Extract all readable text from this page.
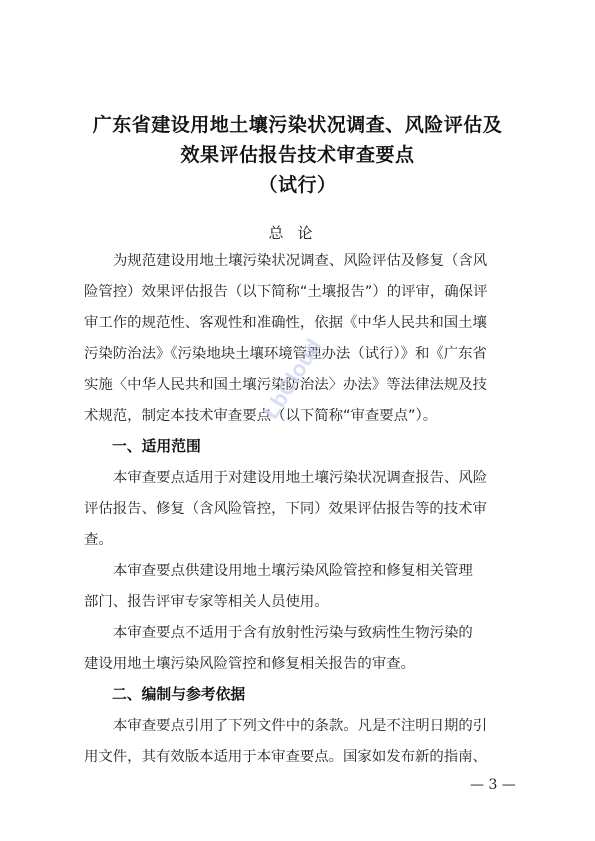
广东省建设用地土壤污染状况调查、风险评估及
效果评估报告技术审查要点
（试行）
总论
为规范建设用地土壤污染状况调查、风险评估及修复（含风
险管控）效果评估报告（以下简称“土壤报告”）的评审，确保评
审工作的规范性、客观性和准确性，依据《中华人民共和国土壤
污染防治法》《污染地块土壤环境管理办法（试行）》和《广东省
实施〈中华人民共和国土壤污染防治法〉办法》等法律法规及技
术规范，制定本技术审查要点（以下简称“审查要点”）。
一、适用范围
本审查要点适用于对建设用地土壤污染状况调查报告、风险
评估报告、修复（含风险管控，下同）效果评估报告等的技术审
查。
本审查要点供建设用地土壤污染风险管控和修复相关管理
部门、报告评审专家等相关人员使用。
本审查要点不适用于含有放射性污染与致病性生物污染的
建设用地土壤污染风险管控和修复相关报告的审查。
二、编制与参考依据
本审查要点引用了下列文件中的条款。凡是不注明日期的引
用文件，其有效版本适用于本审查要点。国家如发布新的指南、
— 3 —
LbCloud
